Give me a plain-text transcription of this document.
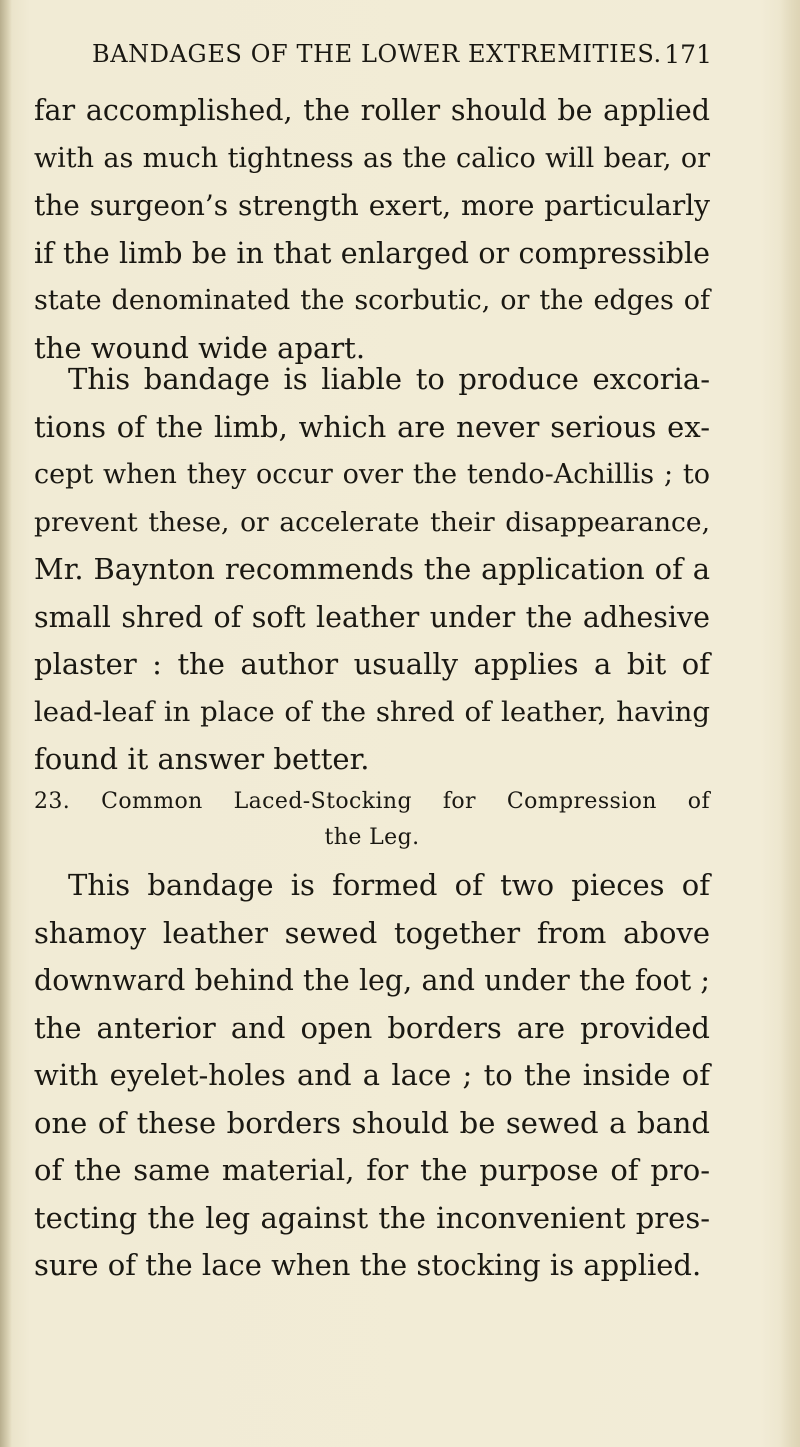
BANDAGES OF THE LOWER EXTREMITIES. 171
far accomplished, the roller should be applied
with as much tightness as the calico will bear, or
the surgeon’s strength exert, more particularly
if the limb be in that enlarged or compressible
state denominated the scorbutic, or the edges of
the wound wide apart.
This bandage is liable to produce excoria-
tions of the limb, which are never serious ex-
cept when they occur over the tendo-Achillis ; to
prevent these, or accelerate their disappearance,
Mr. Baynton recommends the application of a
small shred of soft leather under the adhesive
plaster : the author usually applies a bit of
lead-leaf in place of the shred of leather, having
found it answer better.
23. Common Laced-Stocking for Compression of
the Leg.
This bandage is formed of two pieces of
shamoy leather sewed together from above
downward behind the leg, and under the foot ;
the anterior and open borders are provided
with eyelet-holes and a lace ; to the inside of
one of these borders should be sewed a band
of the same material, for the purpose of pro-
tecting the leg against the inconvenient pres-
sure of the lace when the stocking is applied.
